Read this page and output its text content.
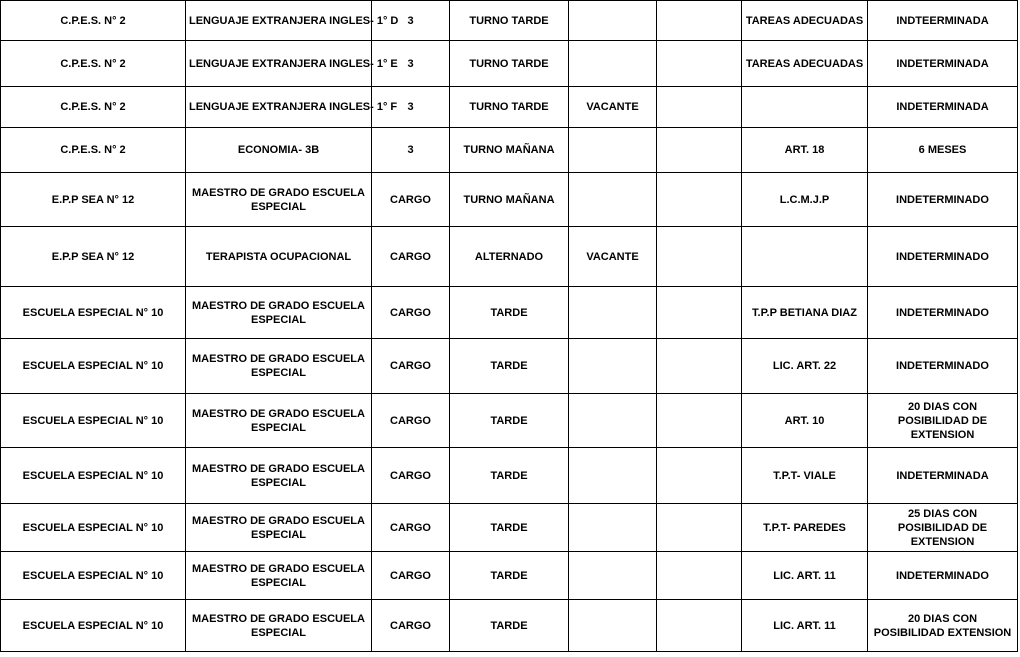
C.P.E.S. N° 2	LENGUAJE EXTRANJERA INGLES- 1° D	3	TURNO TARDE			TAREAS ADECUADAS	INDTEERMINADA
C.P.E.S. N° 2	LENGUAJE EXTRANJERA INGLES- 1° E	3	TURNO TARDE			TAREAS ADECUADAS	INDETERMINADA
C.P.E.S. N° 2	LENGUAJE EXTRANJERA INGLES- 1° F	3	TURNO TARDE	VACANTE			INDETERMINADA
C.P.E.S. N° 2	ECONOMIA- 3B	3	TURNO MAÑANA			ART. 18	6 MESES
E.P.P SEA N° 12	MAESTRO DE GRADO ESCUELA ESPECIAL	CARGO	TURNO MAÑANA			L.C.M.J.P	INDETERMINADO
E.P.P SEA N° 12	TERAPISTA OCUPACIONAL	CARGO	ALTERNADO	VACANTE			INDETERMINADO
ESCUELA ESPECIAL N° 10	MAESTRO DE GRADO ESCUELA ESPECIAL	CARGO	TARDE			T.P.P BETIANA DIAZ	INDETERMINADO
ESCUELA ESPECIAL N° 10	MAESTRO DE GRADO ESCUELA ESPECIAL	CARGO	TARDE			LIC. ART. 22	INDETERMINADO
ESCUELA ESPECIAL N° 10	MAESTRO DE GRADO ESCUELA ESPECIAL	CARGO	TARDE			ART. 10	20 DIAS CON POSIBILIDAD DE EXTENSION
ESCUELA ESPECIAL N° 10	MAESTRO DE GRADO ESCUELA ESPECIAL	CARGO	TARDE			T.P.T- VIALE	INDETERMINADA
ESCUELA ESPECIAL N° 10	MAESTRO DE GRADO ESCUELA ESPECIAL	CARGO	TARDE			T.P.T- PAREDES	25 DIAS CON POSIBILIDAD DE EXTENSION
ESCUELA ESPECIAL N° 10	MAESTRO DE GRADO ESCUELA ESPECIAL	CARGO	TARDE			LIC. ART. 11	INDETERMINADO
ESCUELA ESPECIAL N° 10	MAESTRO DE GRADO ESCUELA ESPECIAL	CARGO	TARDE			LIC. ART. 11	20 DIAS CON POSIBILIDAD EXTENSION
